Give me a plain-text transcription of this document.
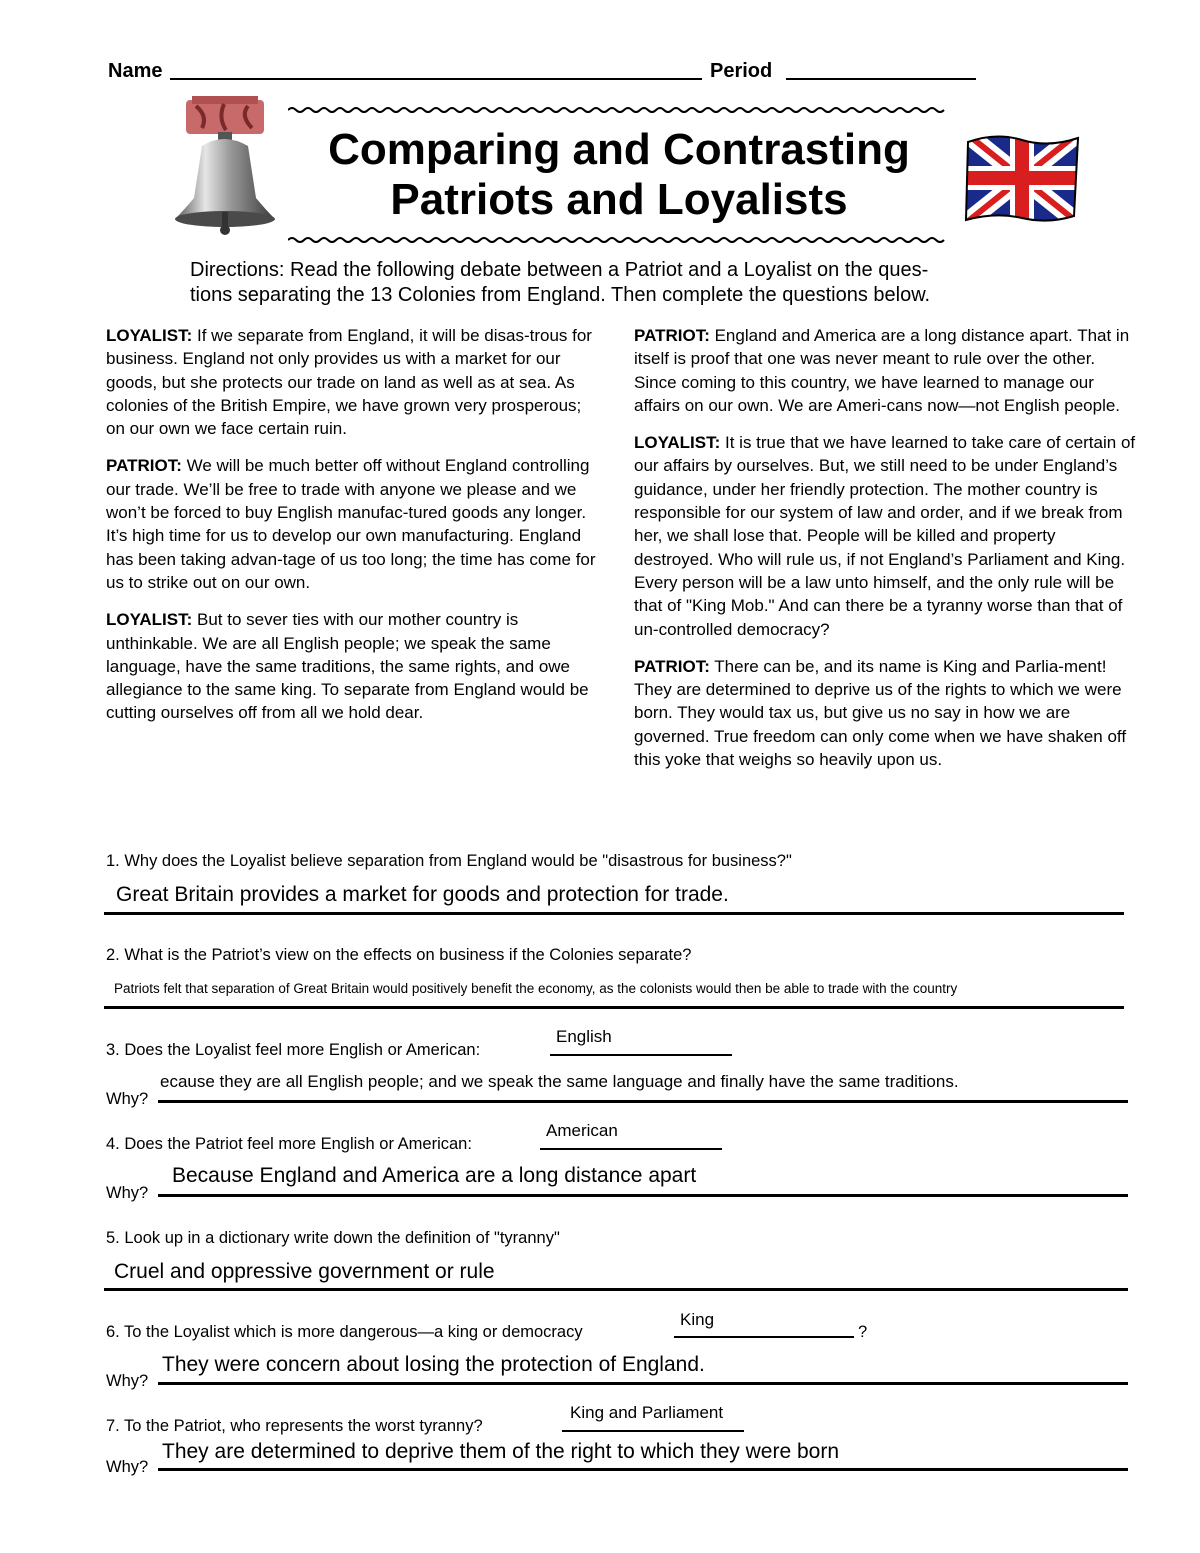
Name	Period
Comparing and Contrasting
Patriots and Loyalists
Directions: Read the following debate between a Patriot and a Loyalist on the ques-
tions separating the 13 Colonies from England. Then complete the questions below.

LOYALIST: If we separate from England, it will be disas-trous for business. England not only provides us with a market for our goods, but she protects our trade on land as well as at sea. As colonies of the British Empire, we have grown very prosperous; on our own we face certain ruin.

PATRIOT: We will be much better off without England controlling our trade. We’ll be free to trade with anyone we please and we won’t be forced to buy English manufac-tured goods any longer. It’s high time for us to develop our own manufacturing. England has been taking advan-tage of us too long; the time has come for us to strike out on our own.

LOYALIST: But to sever ties with our mother country is unthinkable. We are all English people; we speak the same language, have the same traditions, the same rights, and owe allegiance to the same king. To separate from England would be cutting ourselves off from all we hold dear.

PATRIOT: England and America are a long distance apart. That in itself is proof that one was never meant to rule over the other. Since coming to this country, we have learned to manage our affairs on our own. We are Ameri-cans now—not English people.

LOYALIST: It is true that we have learned to take care of certain of our affairs by ourselves. But, we still need to be under England’s guidance, under her friendly protection. The mother country is responsible for our system of law and order, and if we break from her, we shall lose that. People will be killed and property destroyed. Who will rule us, if not England’s Parliament and King. Every person will be a law unto himself, and the only rule will be that of "King Mob." And can there be a tyranny worse than that of un-controlled democracy?

PATRIOT: There can be, and its name is King and Parlia-ment! They are determined to deprive us of the rights to which we were born. They would tax us, but give us no say in how we are governed. True freedom can only come when we have shaken off this yoke that weighs so heavily upon us.

1. Why does the Loyalist believe separation from England would be "disastrous for business?"
Great Britain provides a market for goods and protection for trade.
2. What is the Patriot’s view on the effects on business if the Colonies separate?
Patriots felt that separation of Great Britain would positively benefit the economy, as the colonists would then be able to trade with the country
3. Does the Loyalist feel more English or American:
English
Why?
ecause they are all English people; and we speak the same language and finally have the same traditions.
4. Does the Patriot feel more English or American:
American
Why?
Because England and America are a long distance apart
5. Look up in a dictionary write down the definition of "tyranny"
Cruel and oppressive government or rule
6. To the Loyalist which is more dangerous—a king or democracy
King
?
Why?
They were concern about losing the protection of England.
7. To the Patriot, who represents the worst tyranny?
King and Parliament
Why?
They are determined to deprive them of the right to which they were born
